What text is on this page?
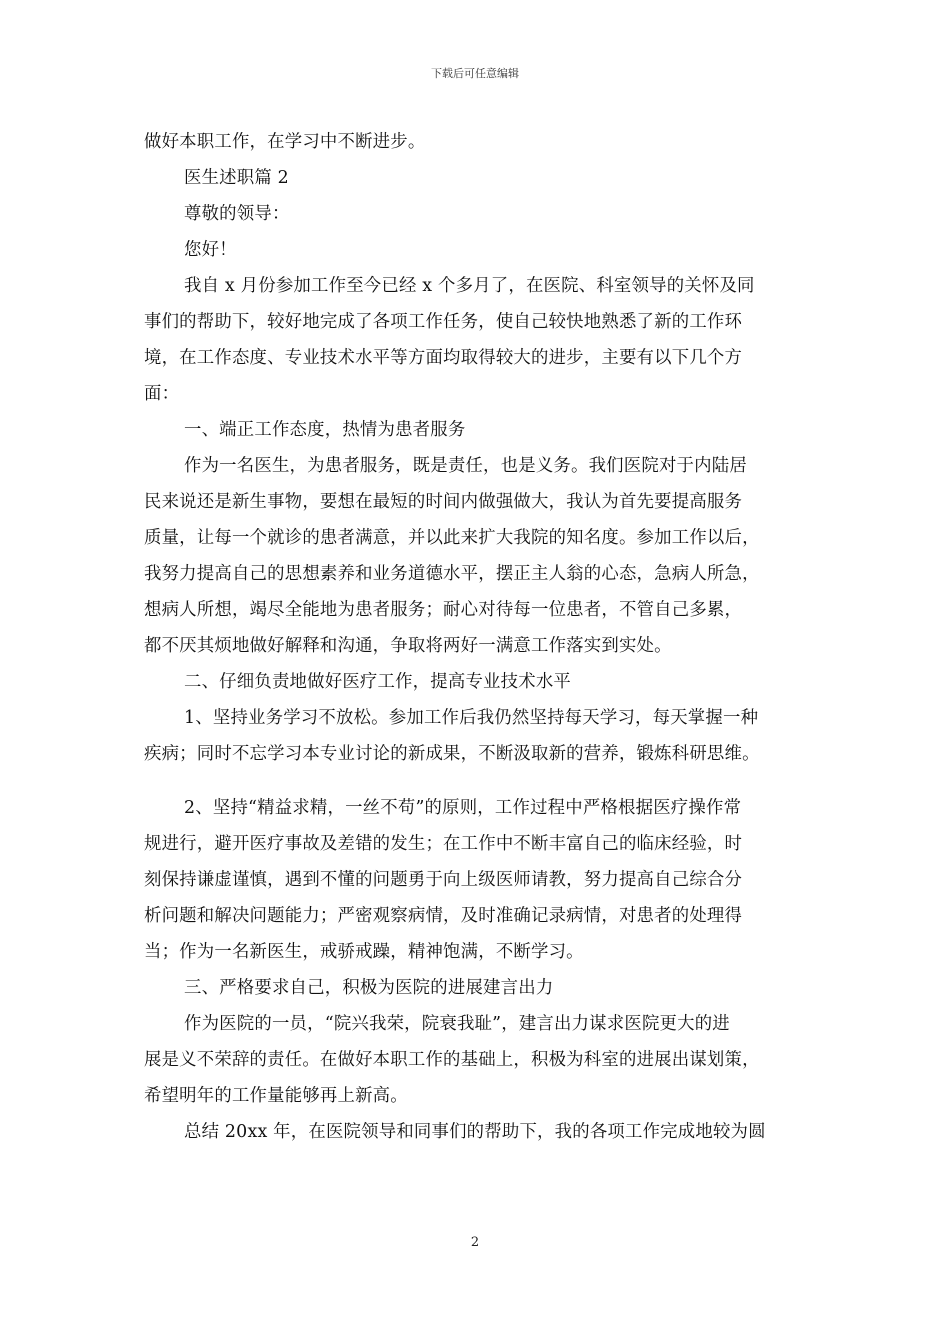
下载后可任意编辑
做好本职工作，在学习中不断进步。
医生述职篇 2
尊敬的领导：
您好！
我自 x 月份参加工作至今已经 x 个多月了，在医院、科室领导的关怀及同
事们的帮助下，较好地完成了各项工作任务，使自己较快地熟悉了新的工作环
境，在工作态度、专业技术水平等方面均取得较大的进步，主要有以下几个方
面：
一、端正工作态度，热情为患者服务
作为一名医生，为患者服务，既是责任，也是义务。我们医院对于内陆居
民来说还是新生事物，要想在最短的时间内做强做大，我认为首先要提高服务
质量，让每一个就诊的患者满意，并以此来扩大我院的知名度。参加工作以后，
我努力提高自己的思想素养和业务道德水平，摆正主人翁的心态，急病人所急，
想病人所想，竭尽全能地为患者服务；耐心对待每一位患者，不管自己多累，
都不厌其烦地做好解释和沟通，争取将两好一满意工作落实到实处。
二、仔细负责地做好医疗工作，提高专业技术水平
1、坚持业务学习不放松。参加工作后我仍然坚持每天学习，每天掌握一种
疾病；同时不忘学习本专业讨论的新成果，不断汲取新的营养，锻炼科研思维。
2、坚持“精益求精，一丝不苟”的原则，工作过程中严格根据医疗操作常
规进行，避开医疗事故及差错的发生；在工作中不断丰富自己的临床经验，时
刻保持谦虚谨慎，遇到不懂的问题勇于向上级医师请教，努力提高自己综合分
析问题和解决问题能力；严密观察病情，及时准确记录病情，对患者的处理得
当；作为一名新医生，戒骄戒躁，精神饱满，不断学习。
三、严格要求自己，积极为医院的进展建言出力
作为医院的一员，“院兴我荣，院衰我耻”，建言出力谋求医院更大的进
展是义不荣辞的责任。在做好本职工作的基础上，积极为科室的进展出谋划策，
希望明年的工作量能够再上新高。
总结 20xx 年，在医院领导和同事们的帮助下，我的各项工作完成地较为圆
2
